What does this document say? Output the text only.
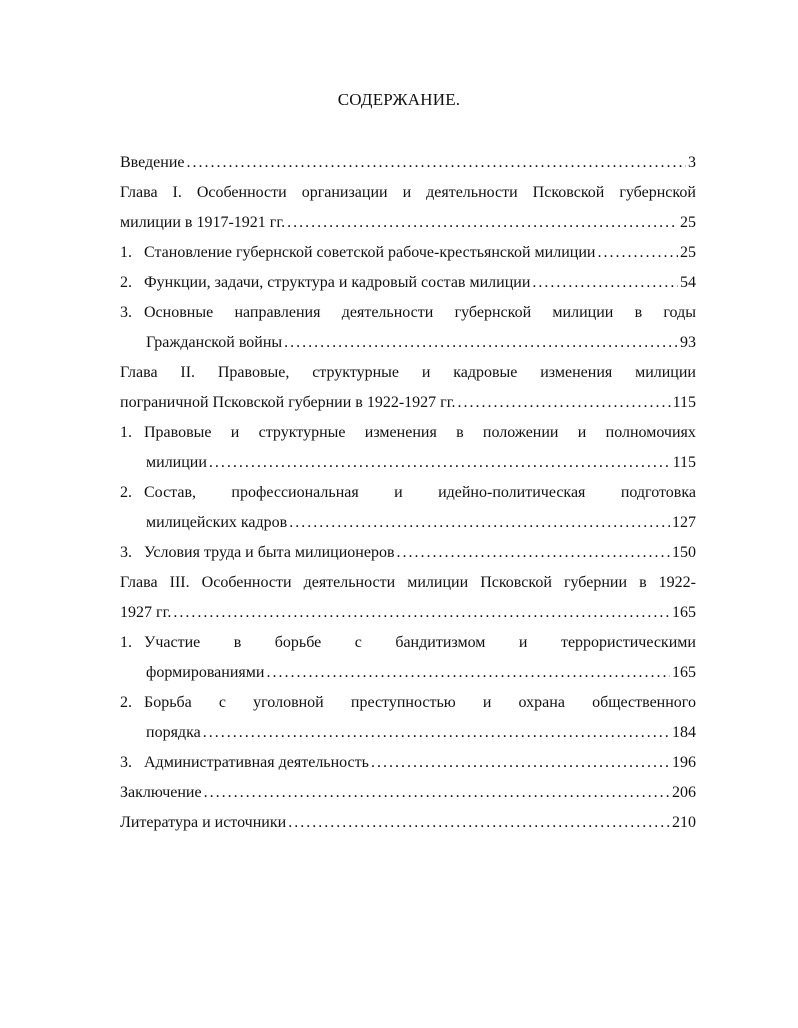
СОДЕРЖАНИЕ.
Введение .....	3
Глава I. Особенности организации и деятельности Псковской губернской
милиции в 1917-1921 гг. .....	25
1. Становление губернской советской рабоче-крестьянской милиции .....	25
2. Функции, задачи, структура и кадровый состав милиции .....	54
3. Основные направления деятельности губернской милиции в годы
Гражданской войны .....	93
Глава II. Правовые, структурные и кадровые изменения милиции
пограничной Псковской губернии в 1922-1927 гг. .....	115
1. Правовые и структурные изменения в положении и полномочиях
милиции .....	115
2. Состав, профессиональная и идейно-политическая подготовка
милицейских кадров .....	127
3. Условия труда и быта милиционеров .....	150
Глава III. Особенности деятельности милиции Псковской губернии в 1922-
1927 гг. .....	165
1. Участие в борьбе с бандитизмом и террористическими
формированиями .....	165
2. Борьба с уголовной преступностью и охрана общественного
порядка .....	184
3. Административная деятельность .....	196
Заключение .....	206
Литература и источники .....	210
